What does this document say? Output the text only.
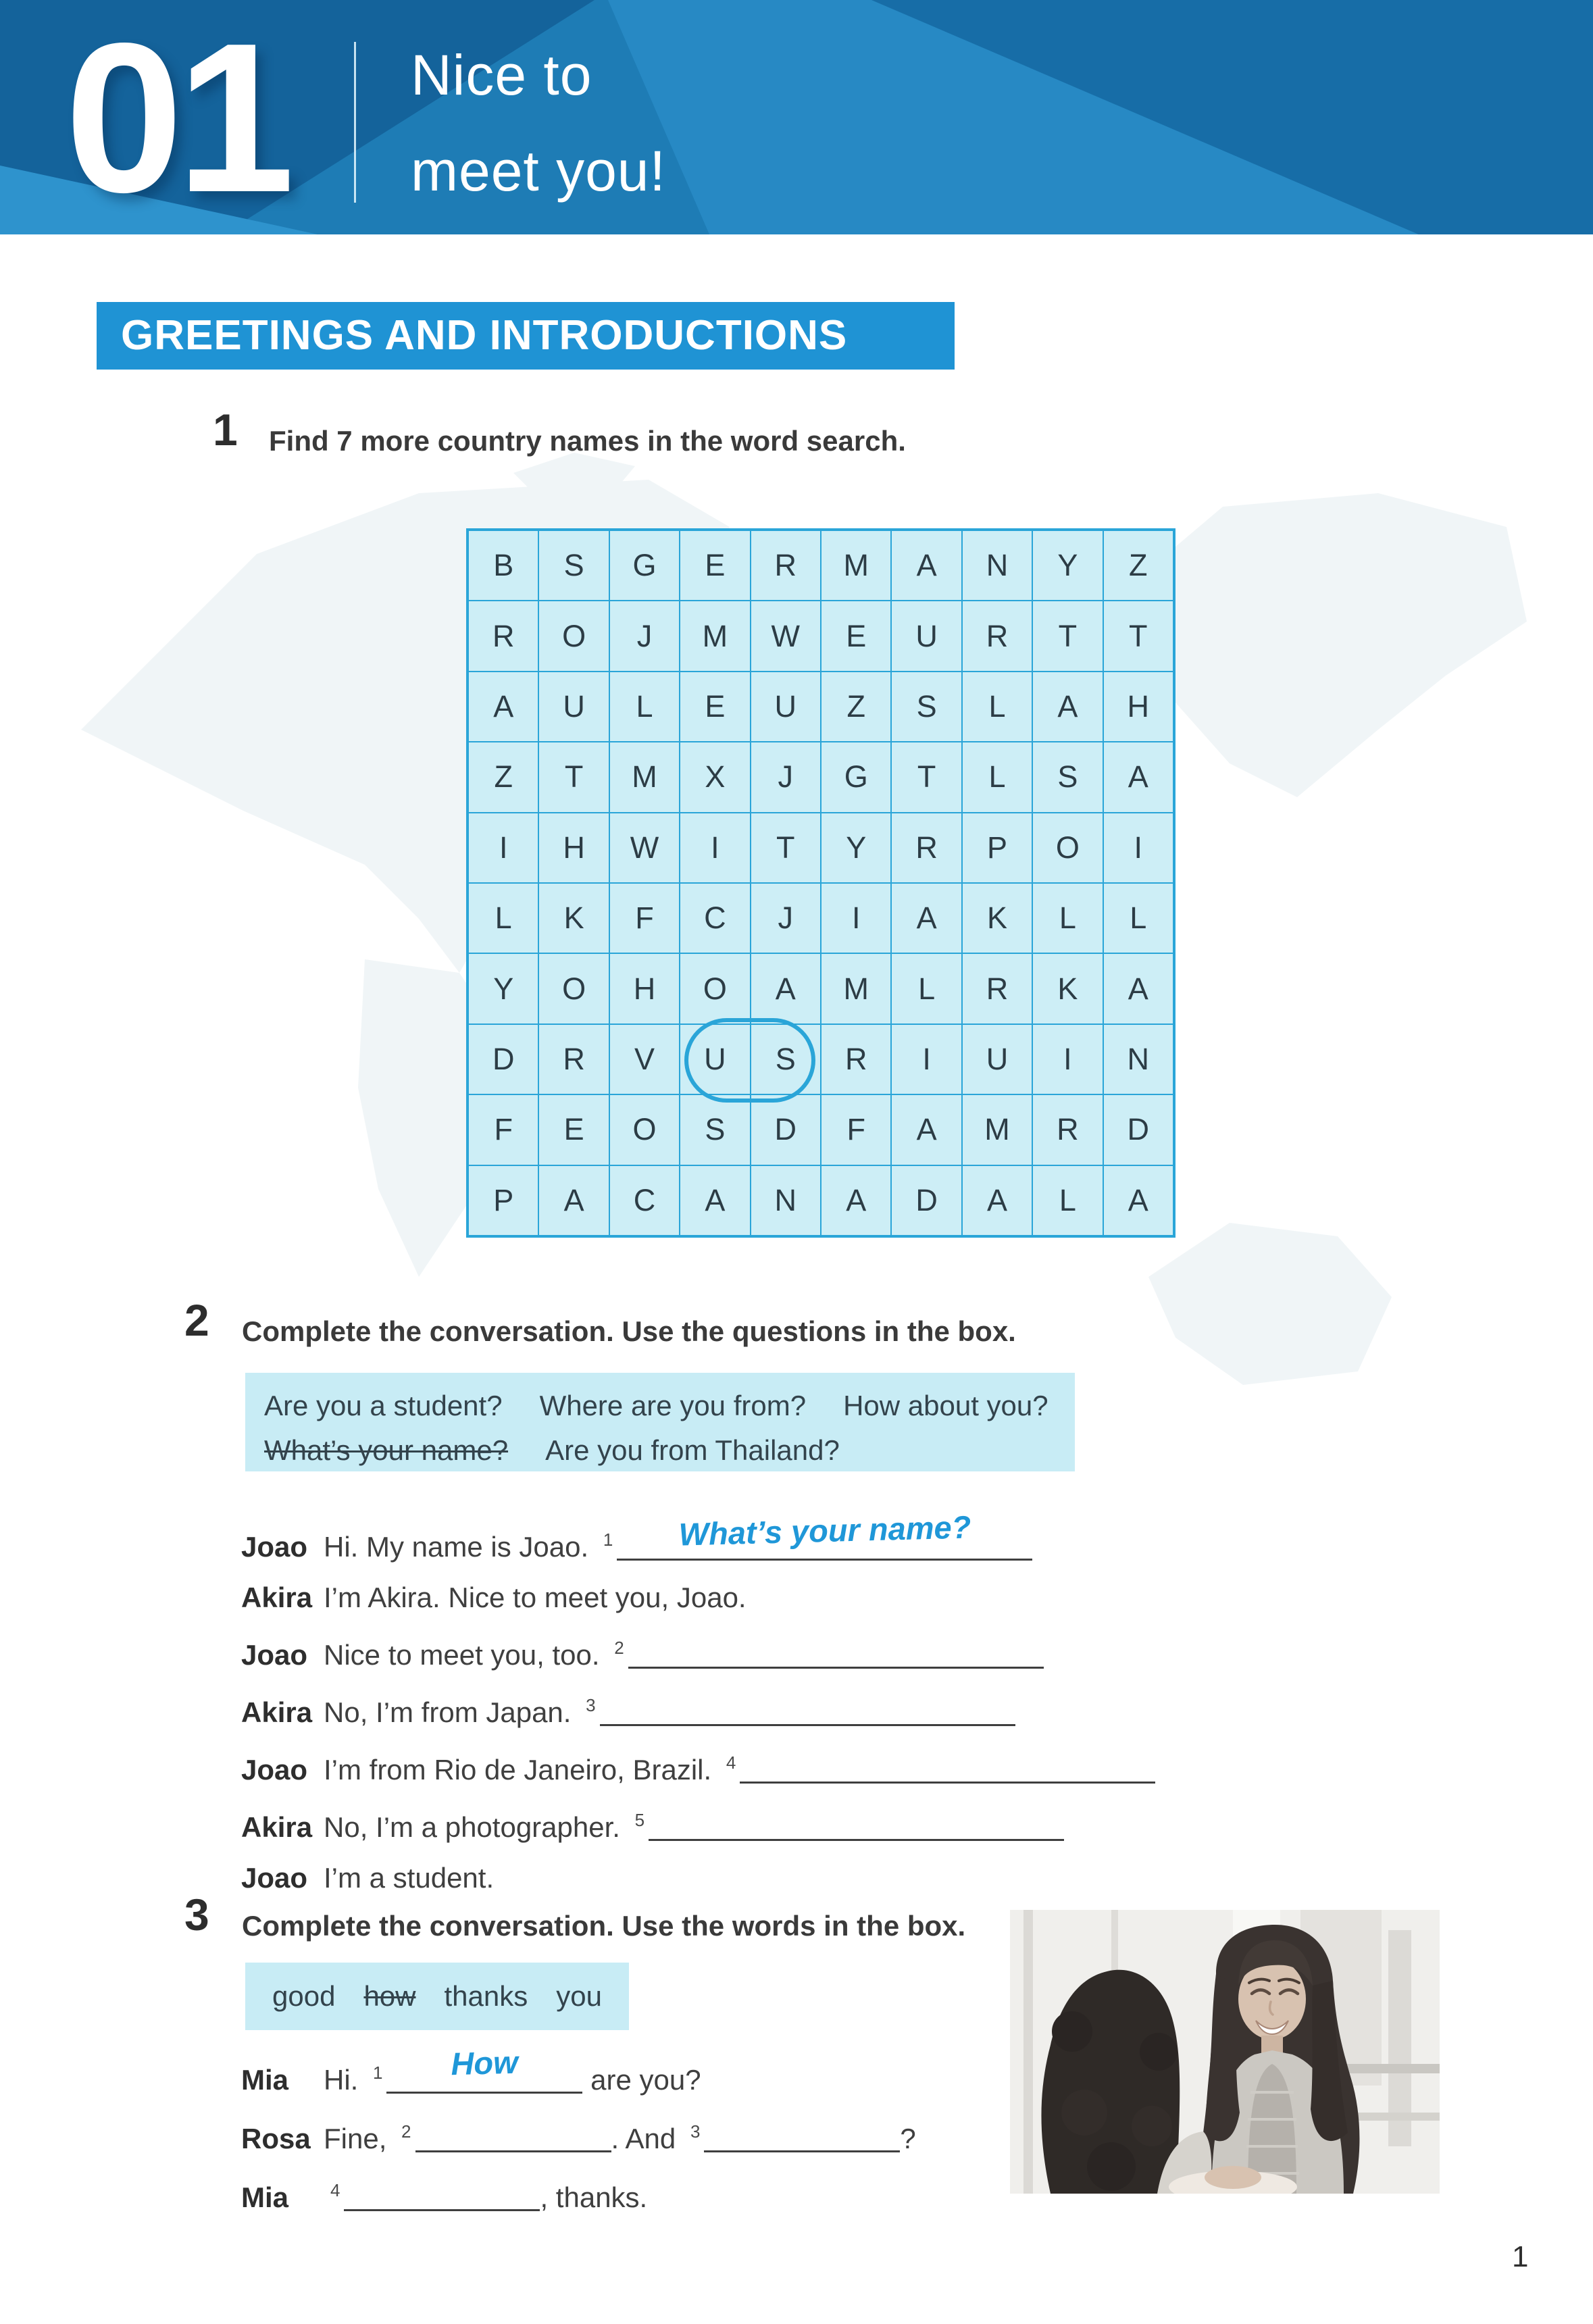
01 Nice to
meet you!
GREETINGS AND INTRODUCTIONS
1 Find 7 more country names in the word search.
B	S	G	E	R	M	A	N	Y	Z
R	O	J	M	W	E	U	R	T	T
A	U	L	E	U	Z	S	L	A	H
Z	T	M	X	J	G	T	L	S	A
I	H	W	I	T	Y	R	P	O	I
L	K	F	C	J	I	A	K	L	L
Y	O	H	O	A	M	L	R	K	A
D	R	V	U	S	R	I	U	I	N
F	E	O	S	D	F	A	M	R	D
P	A	C	A	N	A	D	A	L	A
2 Complete the conversation. Use the questions in the box.
Are you a student? Where are you from? How about you?
What’s your name? Are you from Thailand?
Joao Hi. My name is Joao. $^1$ What’s your name?
Akira I’m Akira. Nice to meet you, Joao.
Joao Nice to meet you, too. $^2$
Akira No, I’m from Japan. $^3$
Joao I’m from Rio de Janeiro, Brazil. $^4$
Akira No, I’m a photographer. $^5$
Joao I’m a student.
3 Complete the conversation. Use the words in the box.
good how thanks you
Mia Hi. $^1$ How are you?
Rosa Fine, $^2$	. And $^3$	?
Mia $^4$	, thanks.
1
